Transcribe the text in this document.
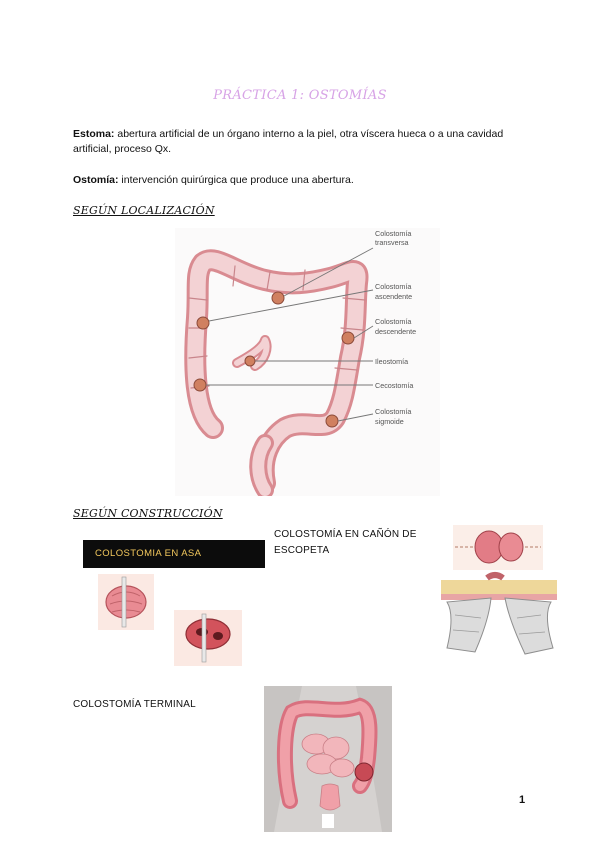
PRÁCTICA 1: OSTOMÍAS
Estoma: abertura artificial de un órgano interno a la piel, otra víscera hueca o a una cavidad artificial, proceso Qx.
Ostomía: intervención quirúrgica que produce una abertura.
SEGÚN LOCALIZACIÓN
Colostomía
transversa
Colostomía
ascendente
Colostomía
descendente
Ileostomía
Cecostomía
Colostomía
sigmoide
SEGÚN CONSTRUCCIÓN
COLOSTOMIA EN ASA
COLOSTOMÍA EN CAÑÓN DE
ESCOPETA
COLOSTOMÍA TERMINAL
1
